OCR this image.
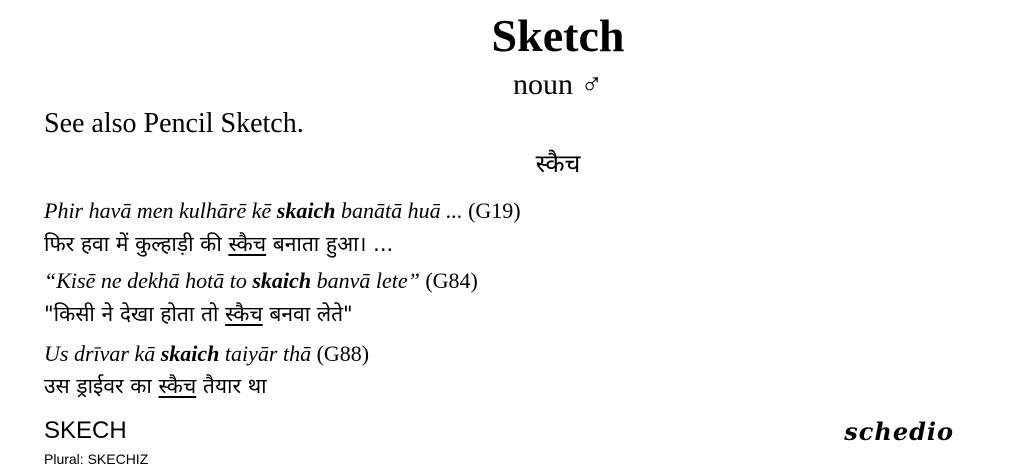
Sketch
noun ♂
See also Pencil Sketch.
स्कैच
Phir havā men kulhārē kē skaich banātā huā ... (G19)
फिर हवा में कुल्हाड़ी की स्कैच बनाता हुआ। ...
“Kisē ne dekhā hotā to skaich banvā lete” (G84)
"किसी ने देखा होता तो स्कैच बनवा लेते"
Us drīvar kā skaich taiyār thā (G88)
उस ड्राईवर का स्कैच तैयार था
SKECH
Plural: SKECHIZ
schedio
